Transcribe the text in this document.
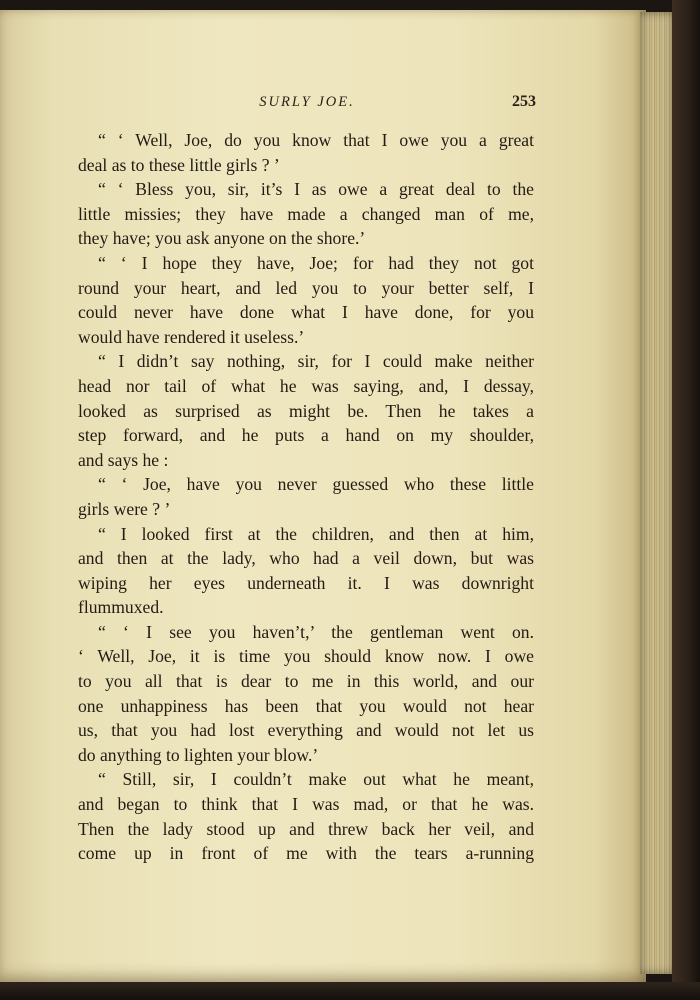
SURLY JOE.	253
“ ‘ Well, Joe, do you know that I owe you a great
deal as to these little girls ? ’
“ ‘ Bless you, sir, it’s I as owe a great deal to the
little missies; they have made a changed man of me,
they have; you ask anyone on the shore.’
“ ‘ I hope they have, Joe; for had they not got
round your heart, and led you to your better self, I
could never have done what I have done, for you
would have rendered it useless.’
“ I didn’t say nothing, sir, for I could make neither
head nor tail of what he was saying, and, I dessay,
looked as surprised as might be. Then he takes a
step forward, and he puts a hand on my shoulder,
and says he :
“ ‘ Joe, have you never guessed who these little
girls were ? ’
“ I looked first at the children, and then at him,
and then at the lady, who had a veil down, but was
wiping her eyes underneath it. I was downright
flummuxed.
“ ‘ I see you haven’t,’ the gentleman went on.
‘ Well, Joe, it is time you should know now. I owe
to you all that is dear to me in this world, and our
one unhappiness has been that you would not hear
us, that you had lost everything and would not let us
do anything to lighten your blow.’
“ Still, sir, I couldn’t make out what he meant,
and began to think that I was mad, or that he was.
Then the lady stood up and threw back her veil, and
come up in front of me with the tears a-running
